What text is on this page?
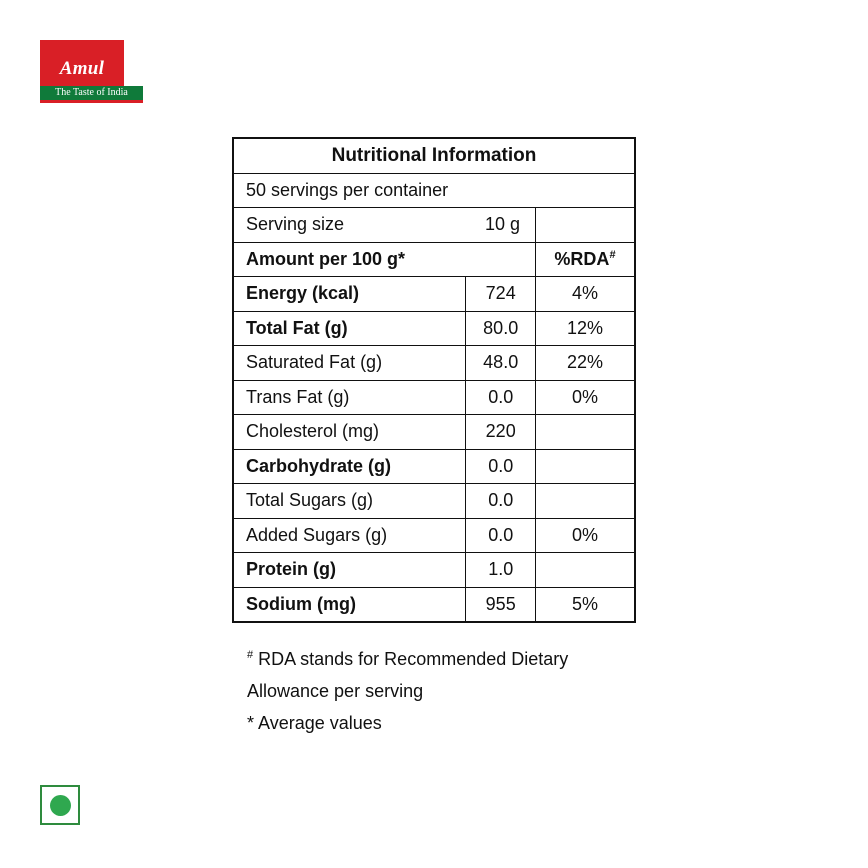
Amul
The Taste of India
Nutritional Information		
50 servings per container		
Serving size 10 g		

Amount per 100 g*		%RDA#
Energy (kcal)	724	4%
Total Fat (g)	80.0	12%
Saturated Fat (g)	48.0	22%
Trans Fat (g)	0.0	0%
Cholesterol (mg)	220	
Carbohydrate (g)	0.0	
Total Sugars (g)	0.0	
Added Sugars (g)	0.0	0%
Protein (g)	1.0	
Sodium (mg)	955	5%
# RDA stands for Recommended Dietary
Allowance per serving
* Average values
